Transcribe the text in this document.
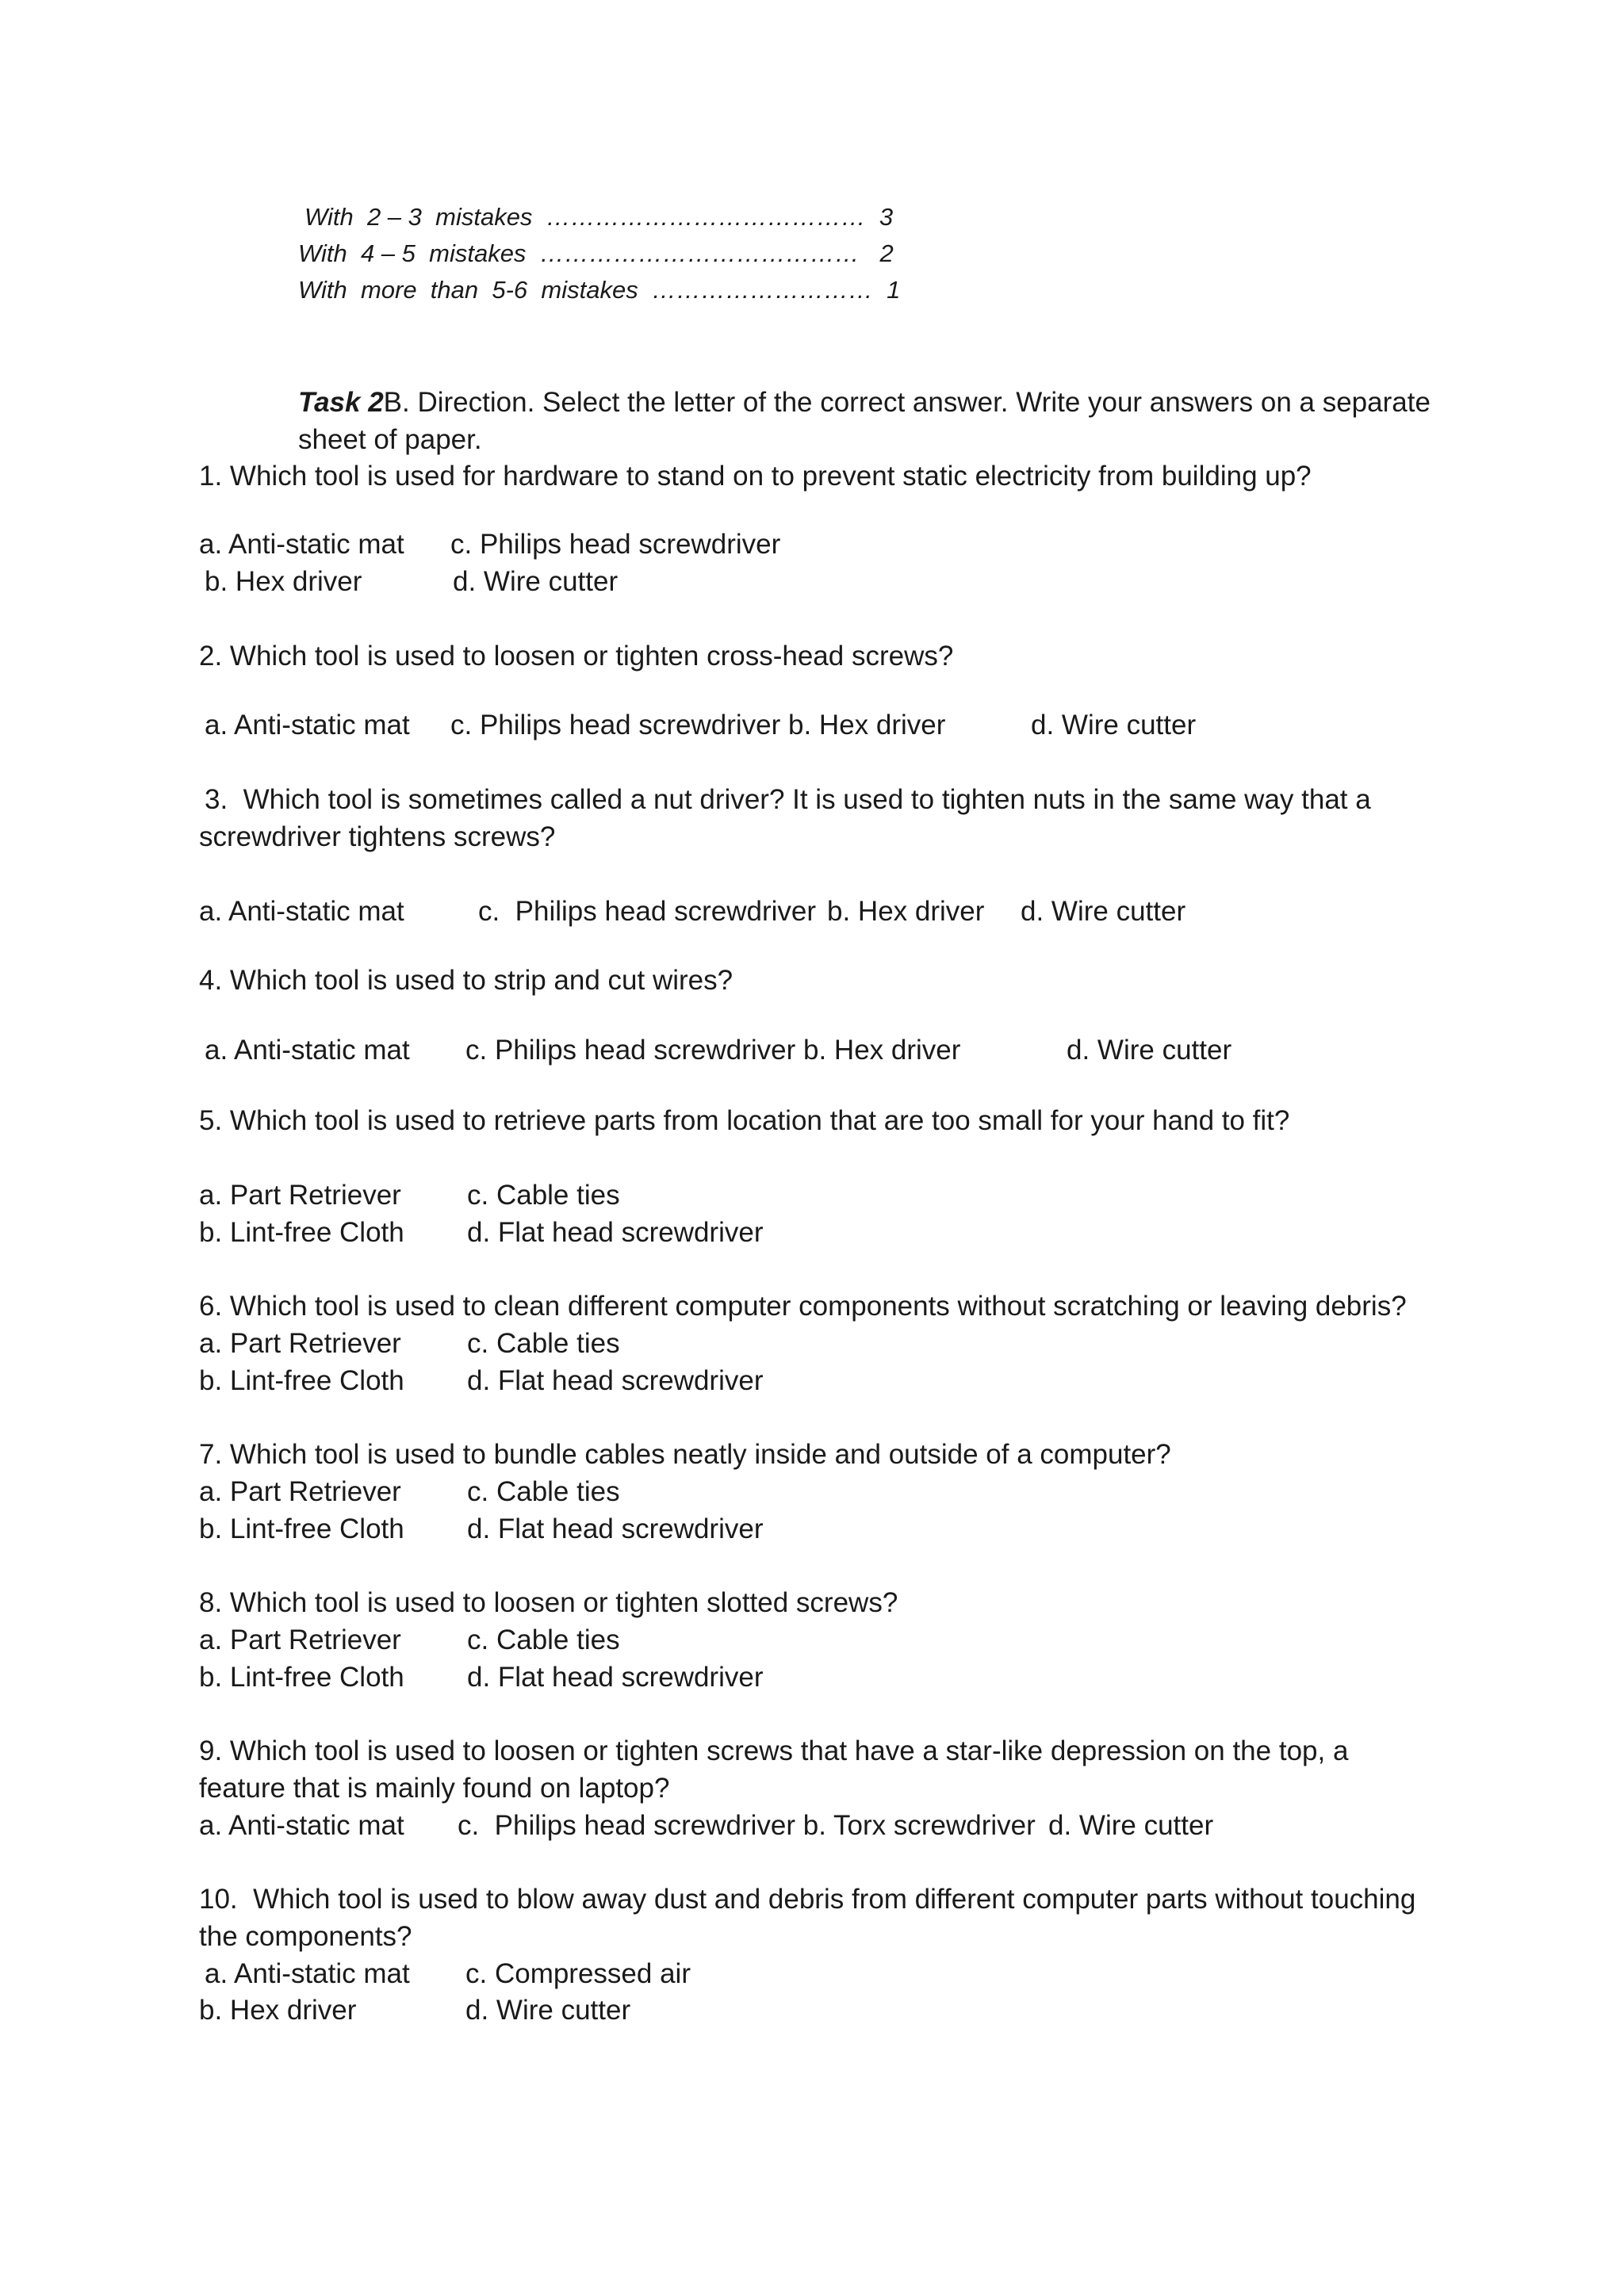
With  2 – 3  mistakes  …………………………………  3
With  4 – 5  mistakes  …………………………………   2
With  more  than  5-6  mistakes  ………………………  1
Task 2B. Direction. Select the letter of the correct answer. Write your answers on a separate
sheet of paper.
1. Which tool is used for hardware to stand on to prevent static electricity from building up?
a. Anti-static mat c. Philips head screwdriver
b. Hex driver	d. Wire cutter
2. Which tool is used to loosen or tighten cross-head screws?
a. Anti-static mat c. Philips head screwdriver b. Hex driver	d. Wire cutter
3.  Which tool is sometimes called a nut driver? It is used to tighten nuts in the same way that a
screwdriver tightens screws?
a. Anti-static mat	c.  Philips head screwdriver b. Hex driver d. Wire cutter
4. Which tool is used to strip and cut wires?
a. Anti-static mat c. Philips head screwdriver b. Hex driver	d. Wire cutter
5. Which tool is used to retrieve parts from location that are too small for your hand to fit?
a. Part Retriever c. Cable ties
b. Lint-free Cloth d. Flat head screwdriver
6. Which tool is used to clean different computer components without scratching or leaving debris?
a. Part Retriever c. Cable ties
b. Lint-free Cloth d. Flat head screwdriver
7. Which tool is used to bundle cables neatly inside and outside of a computer?
a. Part Retriever c. Cable ties
b. Lint-free Cloth d. Flat head screwdriver
8. Which tool is used to loosen or tighten slotted screws?
a. Part Retriever c. Cable ties
b. Lint-free Cloth d. Flat head screwdriver
9. Which tool is used to loosen or tighten screws that have a star-like depression on the top, a
feature that is mainly found on laptop?
a. Anti-static mat c.  Philips head screwdriver b. Torx screwdriver d. Wire cutter
10.  Which tool is used to blow away dust and debris from different computer parts without touching
the components?
a. Anti-static mat c. Compressed air
b. Hex driver	d. Wire cutter
